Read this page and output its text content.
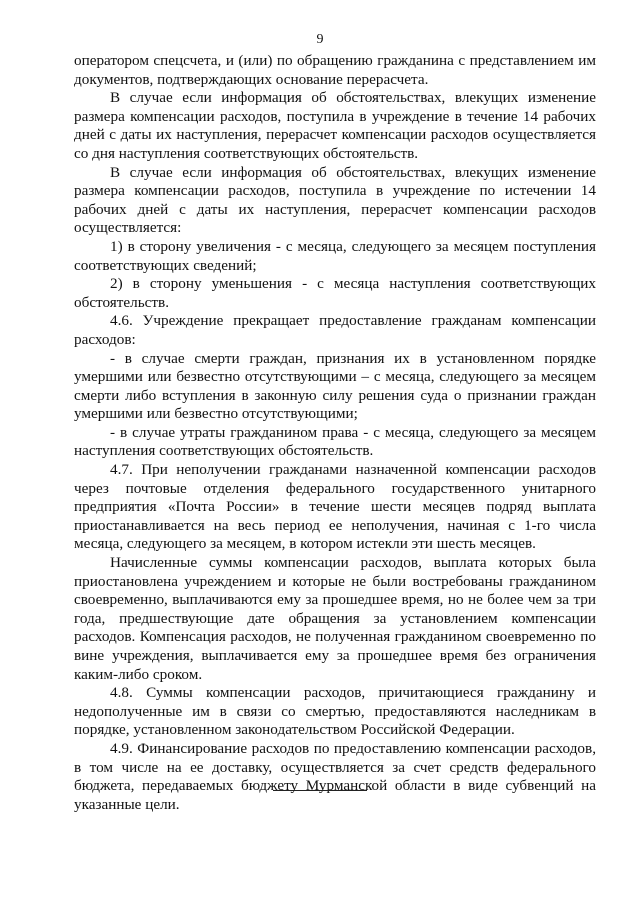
9

оператором спецсчета, и (или) по обращению гражданина с представлением им документов, подтверждающих основание перерасчета.

В случае если информация об обстоятельствах, влекущих изменение размера компенсации расходов, поступила в учреждение в течение 14 рабочих дней с даты их наступления, перерасчет компенсации расходов осуществляется со дня наступления соответствующих обстоятельств.

В случае если информация об обстоятельствах, влекущих изменение размера компенсации расходов, поступила в учреждение по истечении 14 рабочих дней с даты их наступления, перерасчет компенсации расходов осуществляется:

1) в сторону увеличения - с месяца, следующего за месяцем поступления соответствующих сведений;

2) в сторону уменьшения - с месяца наступления соответствующих обстоятельств.

4.6. Учреждение прекращает предоставление гражданам компенсации расходов:

- в случае смерти граждан, признания их в установленном порядке умершими или безвестно отсутствующими – с месяца, следующего за месяцем смерти либо вступления в законную силу решения суда о признании граждан умершими или безвестно отсутствующими;

- в случае утраты гражданином права - с месяца, следующего за месяцем наступления соответствующих обстоятельств.

4.7. При неполучении гражданами назначенной компенсации расходов через почтовые отделения федерального государственного унитарного предприятия «Почта России» в течение шести месяцев подряд выплата приостанавливается на весь период ее неполучения, начиная с 1-го числа месяца, следующего за месяцем, в котором истекли эти шесть месяцев.

Начисленные суммы компенсации расходов, выплата которых была приостановлена учреждением и которые не были востребованы гражданином своевременно, выплачиваются ему за прошедшее время, но не более чем за три года, предшествующие дате обращения за установлением компенсации расходов. Компенсация расходов, не полученная гражданином своевременно по вине учреждения, выплачивается ему за прошедшее время без ограничения каким-либо сроком.

4.8. Суммы компенсации расходов, причитающиеся гражданину и недополученные им в связи со смертью, предоставляются наследникам в порядке, установленном законодательством Российской Федерации.

4.9. Финансирование расходов по предоставлению компенсации расходов, в том числе на ее доставку, осуществляется за счет средств федерального бюджета, передаваемых бюджету Мурманской области в виде субвенций на указанные цели.
